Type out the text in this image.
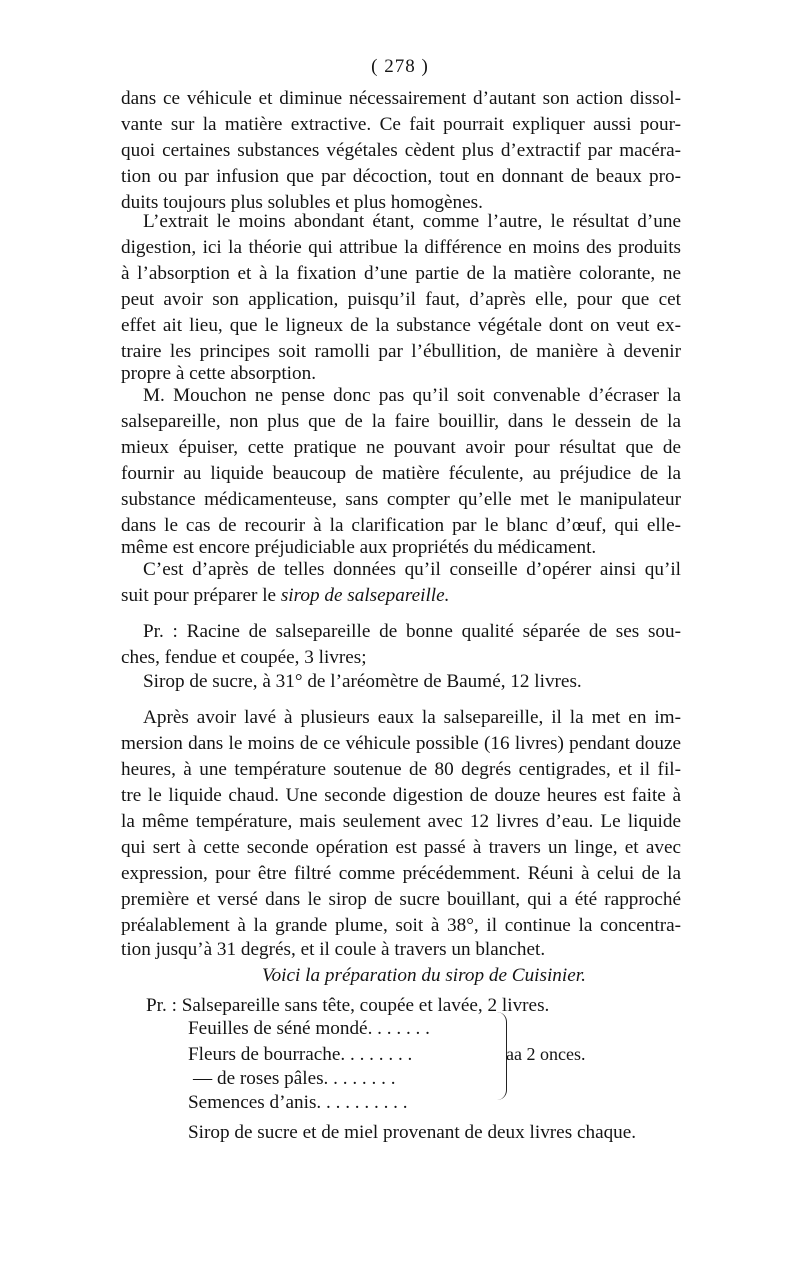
( 278 )
dans ce véhicule et diminue nécessairement d’autant son action dissol-
vante sur la matière extractive. Ce fait pourrait expliquer aussi pour-
quoi certaines substances végétales cèdent plus d’extractif par macéra-
tion ou par infusion que par décoction, tout en donnant de beaux pro-
duits toujours plus solubles et plus homogènes.
L’extrait le moins abondant étant, comme l’autre, le résultat d’une
digestion, ici la théorie qui attribue la différence en moins des produits
à l’absorption et à la fixation d’une partie de la matière colorante, ne
peut avoir son application, puisqu’il faut, d’après elle, pour que cet
effet ait lieu, que le ligneux de la substance végétale dont on veut ex-
traire les principes soit ramolli par l’ébullition, de manière à devenir
propre à cette absorption.
M. Mouchon ne pense donc pas qu’il soit convenable d’écraser la
salsepareille, non plus que de la faire bouillir, dans le dessein de la
mieux épuiser, cette pratique ne pouvant avoir pour résultat que de
fournir au liquide beaucoup de matière féculente, au préjudice de la
substance médicamenteuse, sans compter qu’elle met le manipulateur
dans le cas de recourir à la clarification par le blanc d’œuf, qui elle-
même est encore préjudiciable aux propriétés du médicament.
C’est d’après de telles données qu’il conseille d’opérer ainsi qu’il
suit pour préparer le sirop de salsepareille.
Pr. : Racine de salsepareille de bonne qualité séparée de ses sou-
ches, fendue et coupée, 3 livres;
Sirop de sucre, à 31° de l’aréomètre de Baumé, 12 livres.
Après avoir lavé à plusieurs eaux la salsepareille, il la met en im-
mersion dans le moins de ce véhicule possible (16 livres) pendant douze
heures, à une température soutenue de 80 degrés centigrades, et il fil-
tre le liquide chaud. Une seconde digestion de douze heures est faite à
la même température, mais seulement avec 12 livres d’eau. Le liquide
qui sert à cette seconde opération est passé à travers un linge, et avec
expression, pour être filtré comme précédemment. Réuni à celui de la
première et versé dans le sirop de sucre bouillant, qui a été rapproché
préalablement à la grande plume, soit à 38°, il continue la concentra-
tion jusqu’à 31 degrés, et il coule à travers un blanchet.
Voici la préparation du sirop de Cuisinier.
Pr. : Salsepareille sans tête, coupée et lavée, 2 livres.
Feuilles de séné mondé. . . . . . .
Fleurs de bourrache. . . . . . . .
— de roses pâles. . . . . . . .
Semences d’anis. . . . . . . . . .
aa 2 onces.
Sirop de sucre et de miel provenant de deux livres chaque.
